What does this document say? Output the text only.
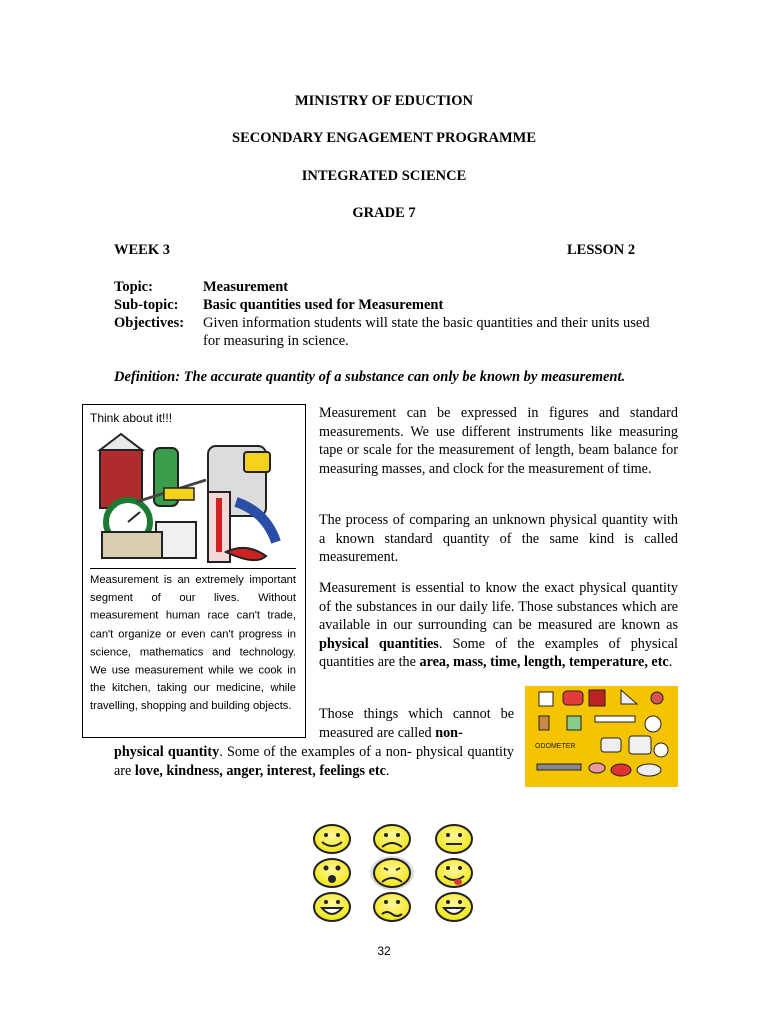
MINISTRY OF EDUCTION
SECONDARY ENGAGEMENT PROGRAMME
INTEGRATED SCIENCE
GRADE 7
WEEK 3	LESSON 2
Topic:	Measurement
Sub-topic: Basic quantities used for Measurement
Objectives: Given information students will state the basic quantities and their units used
for measuring in science.
Definition: The accurate quantity of a substance can only be known by measurement.
Think about it!!!
Measurement is an extremely important segment of our lives. Without measurement human race can't trade, can't organize or even can't progress in science, mathematics and technology. We use measurement while we cook in the kitchen, taking our medicine, while travelling, shopping and building objects.
Measurement can be expressed in figures and standard measurements. We use different instruments like measuring tape or scale for the measurement of length, beam balance for measuring masses, and clock for the measurement of time.
The process of comparing an unknown physical quantity with a known standard quantity of the same kind is called measurement.
Measurement is essential to know the exact physical quantity of the substances in our daily life. Those substances which are available in our surrounding can be measured are known as physical quantities. Some of the examples of physical quantities are the area, mass, time, length, temperature, etc.
Those things which cannot be measured are called non-
physical quantity. Some of the examples of a non- physical quantity are love, kindness, anger, interest, feelings etc.
ODOMETER
32
